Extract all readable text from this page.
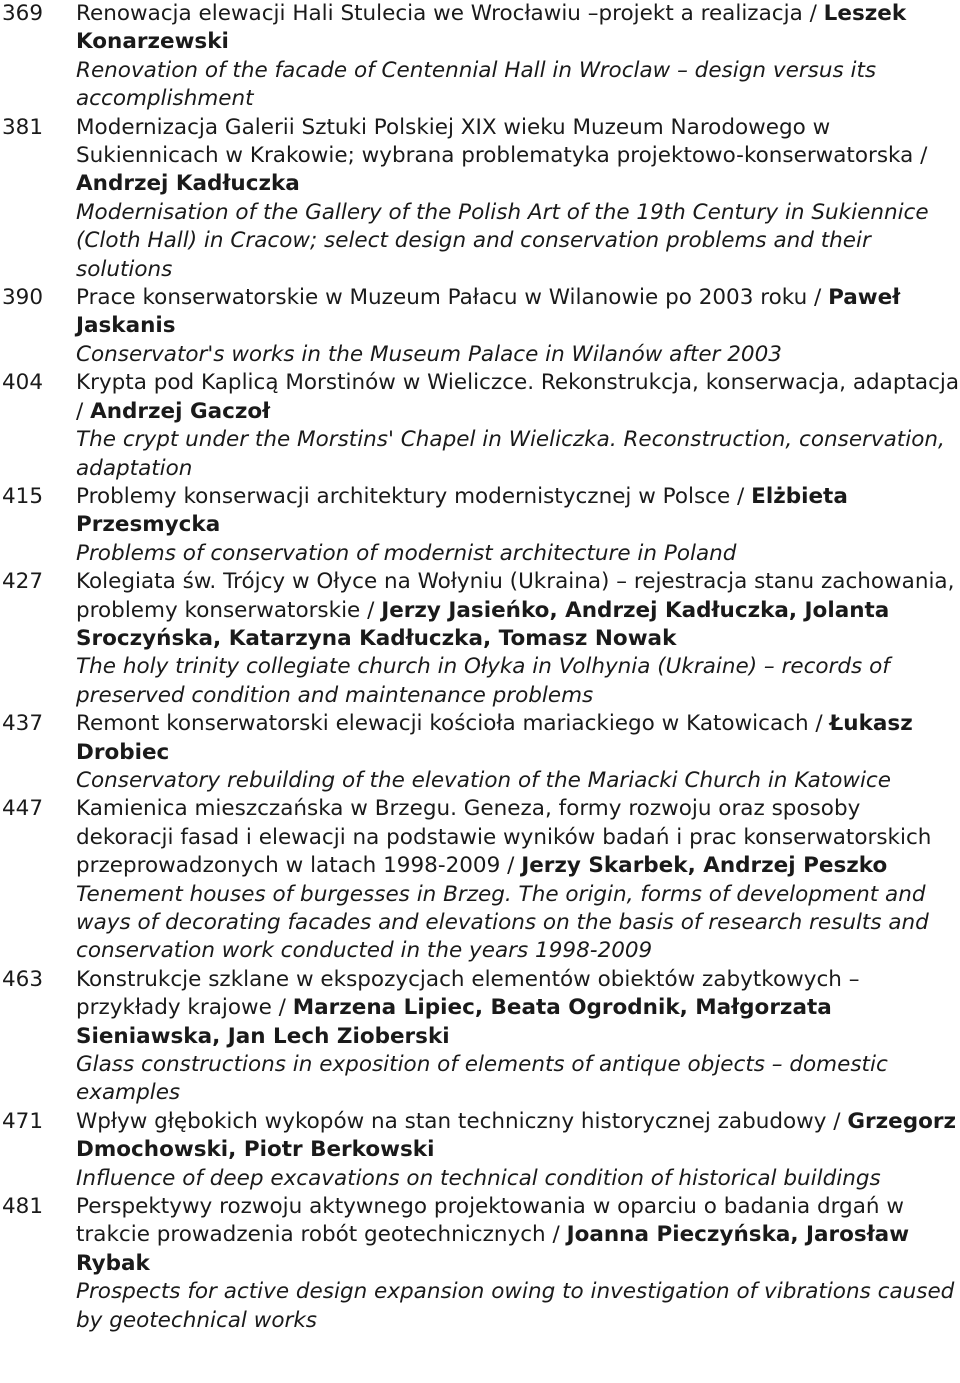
369	Renowacja elewacji Hali Stulecia we Wrocławiu –projekt a realizacja / Leszek Konarzewski
Renovation of the facade of Centennial Hall in Wroclaw – design versus its accomplishment
381	Modernizacja Galerii Sztuki Polskiej XIX wieku Muzeum Narodowego w Sukiennicach w Krakowie; wybrana problematyka projektowo-konserwatorska / Andrzej Kadłuczka
Modernisation of the Gallery of the Polish Art of the 19th Century in Sukiennice (Cloth Hall) in Cracow; select design and conservation problems and their solutions
390	Prace konserwatorskie w Muzeum Pałacu w Wilanowie po 2003 roku / Paweł Jaskanis
Conservator's works in the Museum Palace in Wilanów after 2003
404	Krypta pod Kaplicą Morstinów w Wieliczce. Rekonstrukcja, konserwacja, adaptacja / Andrzej Gaczoł
The crypt under the Morstins' Chapel in Wieliczka. Reconstruction, conservation, adaptation
415	Problemy konserwacji architektury modernistycznej w Polsce / Elżbieta Przesmycka
Problems of conservation of modernist architecture in Poland
427	Kolegiata św. Trójcy w Ołyce na Wołyniu (Ukraina) – rejestracja stanu zachowania, problemy konserwatorskie / Jerzy Jasieńko, Andrzej Kadłuczka, Jolanta Sroczyńska, Katarzyna Kadłuczka, Tomasz Nowak
The holy trinity collegiate church in Ołyka in Volhynia (Ukraine) – records of preserved condition and maintenance problems
437	Remont konserwatorski elewacji kościoła mariackiego w Katowicach / Łukasz Drobiec
Conservatory rebuilding of the elevation of the Mariacki Church in Katowice
447	Kamienica mieszczańska w Brzegu. Geneza, formy rozwoju oraz sposoby dekoracji fasad i elewacji na podstawie wyników badań i prac konserwatorskich przeprowadzonych w latach 1998-2009 / Jerzy Skarbek, Andrzej Peszko
Tenement houses of burgesses in Brzeg. The origin, forms of development and ways of decorating facades and elevations on the basis of research results and conservation work conducted in the years 1998-2009
463	Konstrukcje szklane w ekspozycjach elementów obiektów zabytkowych – przykłady krajowe / Marzena Lipiec, Beata Ogrodnik, Małgorzata Sieniawska, Jan Lech Zioberski
Glass constructions in exposition of elements of antique objects – domestic examples
471	Wpływ głębokich wykopów na stan techniczny historycznej zabudowy / Grzegorz Dmochowski, Piotr Berkowski
Influence of deep excavations on technical condition of historical buildings
481	Perspektywy rozwoju aktywnego projektowania w oparciu o badania drgań w trakcie prowadzenia robót geotechnicznych / Joanna Pieczyńska, Jarosław Rybak
Prospects for active design expansion owing to investigation of vibrations caused by geotechnical works
